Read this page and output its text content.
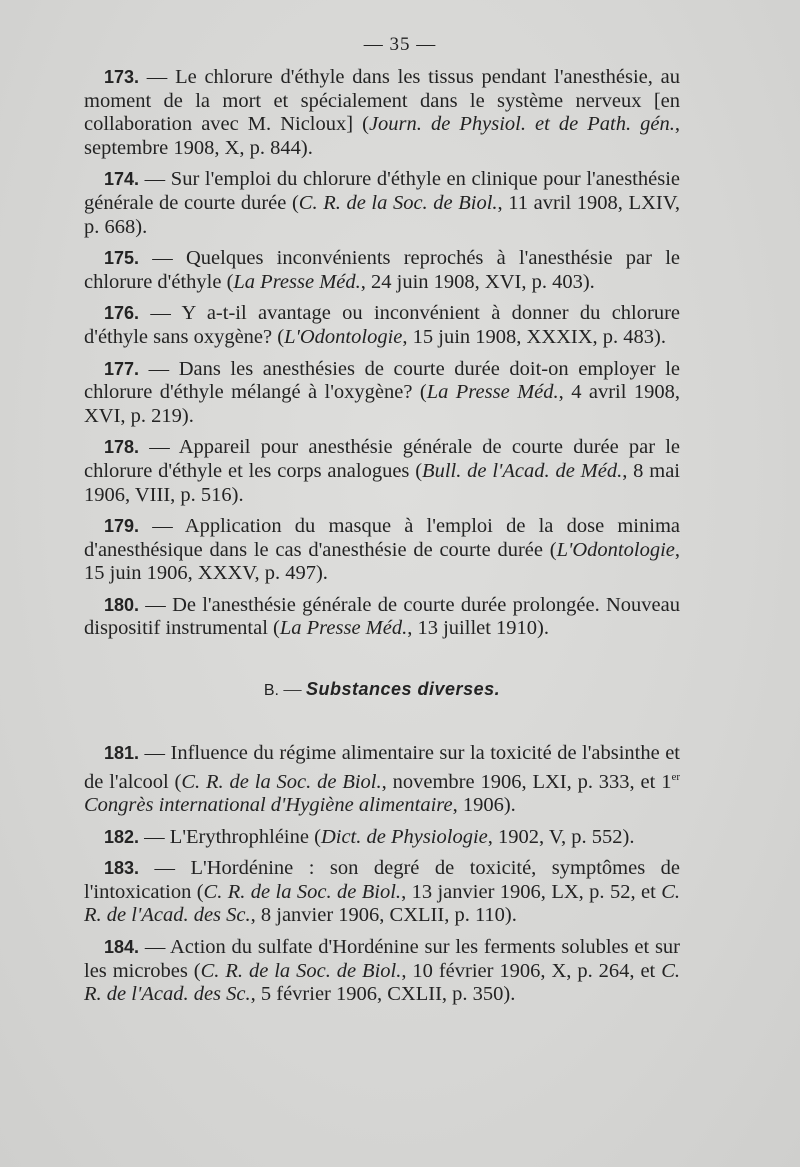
— 35 —

173. — Le chlorure d'éthyle dans les tissus pendant l'anesthésie, au moment de la mort et spécialement dans le système nerveux [en collaboration avec M. Nicloux] (Journ. de Physiol. et de Path. gén., septembre 1908, X, p. 844).

174. — Sur l'emploi du chlorure d'éthyle en clinique pour l'anesthésie générale de courte durée (C. R. de la Soc. de Biol., 11 avril 1908, LXIV, p. 668).

175. — Quelques inconvénients reprochés à l'anesthésie par le chlorure d'éthyle (La Presse Méd., 24 juin 1908, XVI, p. 403).

176. — Y a-t-il avantage ou inconvénient à donner du chlorure d'éthyle sans oxygène? (L'Odontologie, 15 juin 1908, XXXIX, p. 483).

177. — Dans les anesthésies de courte durée doit-on employer le chlorure d'éthyle mélangé à l'oxygène? (La Presse Méd., 4 avril 1908, XVI, p. 219).

178. — Appareil pour anesthésie générale de courte durée par le chlorure d'éthyle et les corps analogues (Bull. de l'Acad. de Méd., 8 mai 1906, VIII, p. 516).

179. — Application du masque à l'emploi de la dose minima d'anesthésique dans le cas d'anesthésie de courte durée (L'Odontologie, 15 juin 1906, XXXV, p. 497).

180. — De l'anesthésie générale de courte durée prolongée. Nouveau dispositif instrumental (La Presse Méd., 13 juillet 1910).

B. — Substances diverses.

181. — Influence du régime alimentaire sur la toxicité de l'absinthe et de l'alcool (C. R. de la Soc. de Biol., novembre 1906, LXI, p. 333, et 1er Congrès international d'Hygiène alimentaire, 1906).

182. — L'Erythrophléine (Dict. de Physiologie, 1902, V, p. 552).

183. — L'Hordénine : son degré de toxicité, symptômes de l'intoxication (C. R. de la Soc. de Biol., 13 janvier 1906, LX, p. 52, et C. R. de l'Acad. des Sc., 8 janvier 1906, CXLII, p. 110).

184. — Action du sulfate d'Hordénine sur les ferments solubles et sur les microbes (C. R. de la Soc. de Biol., 10 février 1906, X, p. 264, et C. R. de l'Acad. des Sc., 5 février 1906, CXLII, p. 350).
